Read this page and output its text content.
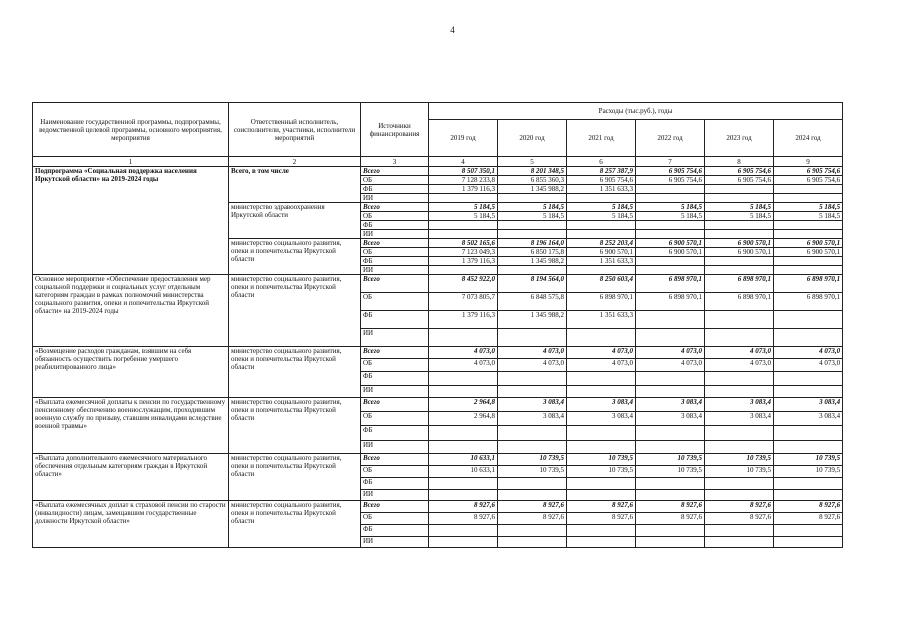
4
Наименование государственной программы, подпрограммы, ведомственной целевой программы, основного мероприятия, мероприятия	Ответственный исполнитель, соисполнители, участники, исполнители мероприятий	Источники финансирования	Расходы (тыс.руб.), годы					
			2019 год	2020 год	2021 год	2022 год	2023 год	2024 год
1	2	3	4	5	6	7	8	9
Подпрограмма «Социальная поддержка населения Иркутской области» на 2019-2024 годы	Всего, в том числе	Всего	8 507 350,1	8 201 348,5	8 257 387,9	6 905 754,6	6 905 754,6	6 905 754,6
		ОБ	7 128 233,8	6 855 360,3	6 905 754,6	6 905 754,6	6 905 754,6	6 905 754,6
		ФБ	1 379 116,3	1 345 988,2	1 351 633,3			
		ИИ						
	министерство здравоохранения Иркутской области	Всего	5 184,5	5 184,5	5 184,5	5 184,5	5 184,5	5 184,5
		ОБ	5 184,5	5 184,5	5 184,5	5 184,5	5 184,5	5 184,5
		ФБ						
		ИИ						
	министерство социального развития, опеки и попечительства Иркутской области	Всего	8 502 165,6	8 196 164,0	8 252 203,4	6 900 570,1	6 900 570,1	6 900 570,1
		ОБ	7 123 049,3	6 850 175,8	6 900 570,1	6 900 570,1	6 900 570,1	6 900 570,1
		ФБ	1 379 116,3	1 345 988,2	1 351 633,3			
		ИИ						
Основное мероприятие «Обеспечение предоставления мер социальной поддержки и социальных услуг отдельным категориям граждан в рамках полномочий министерства социального развития, опеки и попечительства Иркутской области» на 2019-2024 годы	министерство социального развития, опеки и попечительства Иркутской области	Всего	8 452 922,0	8 194 564,0	8 250 603,4	6 898 970,1	6 898 970,1	6 898 970,1
		ОБ	7 073 805,7	6 848 575,8	6 898 970,1	6 898 970,1	6 898 970,1	6 898 970,1
		ФБ	1 379 116,3	1 345 988,2	1 351 633,3			
		ИИ						
«Возмещение расходов гражданам, взявшим на себя обязанность осуществить погребение умершего реабилитированного лица»	министерство социального развития, опеки и попечительства Иркутской области	Всего	4 073,0	4 073,0	4 073,0	4 073,0	4 073,0	4 073,0
		ОБ	4 073,0	4 073,0	4 073,0	4 073,0	4 073,0	4 073,0
		ФБ						
		ИИ						
«Выплата ежемесячной доплаты к пенсии по государственному пенсионному обеспечению военнослужащим, проходившим военную службу по призыву, ставшим инвалидами вследствие военной травмы»	министерство социального развития, опеки и попечительства Иркутской области	Всего	2 964,8	3 083,4	3 083,4	3 083,4	3 083,4	3 083,4
		ОБ	2 964,8	3 083,4	3 083,4	3 083,4	3 083,4	3 083,4
		ФБ						
		ИИ						
«Выплата дополнительного ежемесячного материального обеспечения отдельным категориям граждан в Иркутской области»	министерство социального развития, опеки и попечительства Иркутской области	Всего	10 633,1	10 739,5	10 739,5	10 739,5	10 739,5	10 739,5
		ОБ	10 633,1	10 739,5	10 739,5	10 739,5	10 739,5	10 739,5
		ФБ						
		ИИ						
«Выплата ежемесячных доплат к страховой пенсии по старости (инвалидности) лицам, замещавшим государственные должности Иркутской области»	министерство социального развития, опеки и попечительства Иркутской области	Всего	8 927,6	8 927,6	8 927,6	8 927,6	8 927,6	8 927,6
		ОБ	8 927,6	8 927,6	8 927,6	8 927,6	8 927,6	8 927,6
		ФБ						
		ИИ						
